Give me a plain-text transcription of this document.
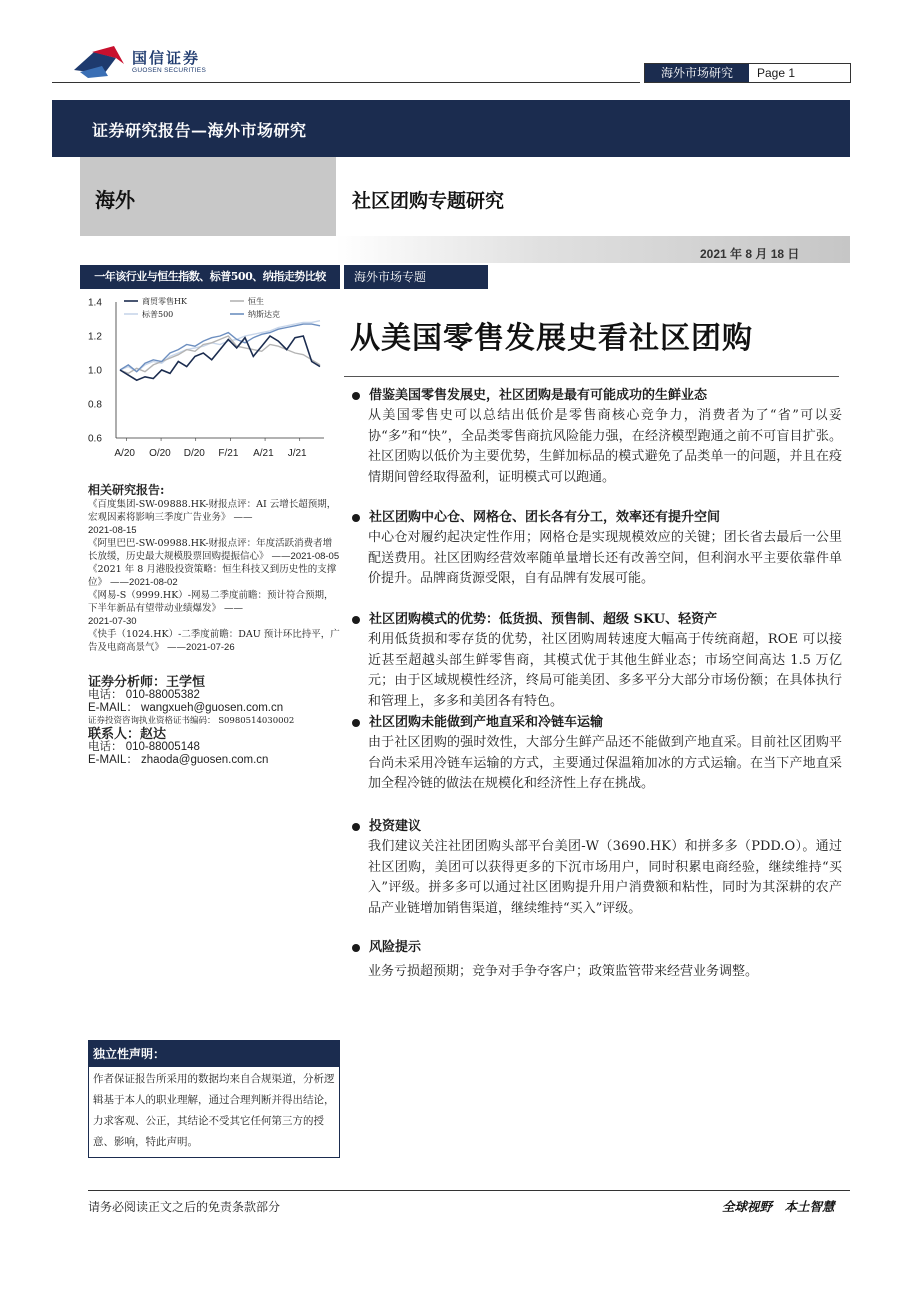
国信证券
GUOSEN SECURITIES	海外市场研究	Page 1
证券研究报告—海外市场研究
海外	社区团购专题研究
2021 年 8 月 18 日
一年该行业与恒生指数、标普500、纳指走势比较	海外市场专题
从美国零售发展史看社区团购
1.4
1.2
1.0
0.8
0.6
A/20 O/20 D/20 F/21 A/21 J/21
商贸零售HK	恒生
标普500	纳斯达克
相关研究报告:
《百度集团-SW-09888.HK-财报点评：AI 云增长超预期，宏观因素将影响三季度广告业务》 ——
2021-08-15
《阿里巴巴-SW-09988.HK-财报点评：年度活跃消费者增长放缓，历史最大规模股票回购提振信心》 ——2021-08-05
《2021 年 8 月港股投资策略：恒生科技又到历史性的支撑位》 ——2021-08-02
《网易-S（9999.HK）-网易二季度前瞻：预计符合预期，下半年新品有望带动业绩爆发》 ——
2021-07-30
《快手（1024.HK）-二季度前瞻：DAU 预计环比持平，广告及电商高景气》 ——2021-07-26
证券分析师：王学恒
电话： 010-88005382
E-MAIL： wangxueh@guosen.com.cn
证券投资咨询执业资格证书编码： S0980514030002
联系人：赵达
电话： 010-88005148
E-MAIL： zhaoda@guosen.com.cn
独立性声明：
作者保证报告所采用的数据均来自合规渠道，分析逻辑基于本人的职业理解，通过合理判断并得出结论，力求客观、公正，其结论不受其它任何第三方的授意、影响，特此声明。
借鉴美国零售发展史，社区团购是最有可能成功的生鲜业态
从美国零售史可以总结出低价是零售商核心竞争力，消费者为了“省”可以妥协“多”和“快”，全品类零售商抗风险能力强，在经济模型跑通之前不可盲目扩张。社区团购以低价为主要优势，生鲜加标品的模式避免了品类单一的问题，并且在疫情期间曾经取得盈利，证明模式可以跑通。
社区团购中心仓、网格仓、团长各有分工，效率还有提升空间
中心仓对履约起决定性作用；网格仓是实现规模效应的关键；团长省去最后一公里配送费用。社区团购经营效率随单量增长还有改善空间，但利润水平主要依靠件单价提升。品牌商货源受限，自有品牌有发展可能。
社区团购模式的优势：低货损、预售制、超级 SKU、轻资产
利用低货损和零存货的优势，社区团购周转速度大幅高于传统商超，ROE 可以接近甚至超越头部生鲜零售商，其模式优于其他生鲜业态；市场空间高达 1.5 万亿元；由于区域规模性经济，终局可能美团、多多平分大部分市场份额；在具体执行和管理上，多多和美团各有特色。
社区团购未能做到产地直采和冷链车运输
由于社区团购的强时效性，大部分生鲜产品还不能做到产地直采。目前社区团购平台尚未采用冷链车运输的方式，主要通过保温箱加冰的方式运输。在当下产地直采加全程冷链的做法在规模化和经济性上存在挑战。
投资建议
我们建议关注社团团购头部平台美团-W（3690.HK）和拼多多（PDD.O）。通过社区团购，美团可以获得更多的下沉市场用户，同时积累电商经验，继续维持“买入”评级。拼多多可以通过社区团购提升用户消费额和粘性，同时为其深耕的农产品产业链增加销售渠道，继续维持“买入”评级。
风险提示
业务亏损超预期；竞争对手争夺客户；政策监管带来经营业务调整。
请务必阅读正文之后的免责条款部分	全球视野　本土智慧
